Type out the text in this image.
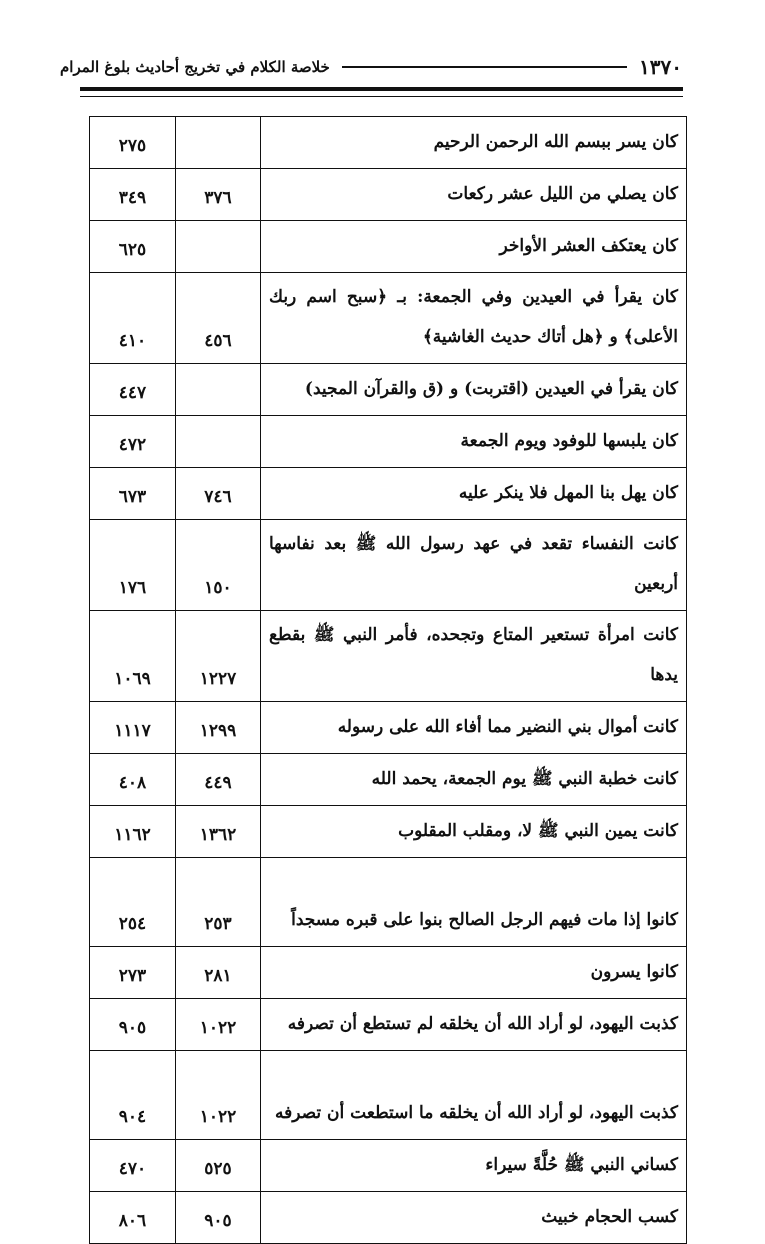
١٣٧٠
خلاصة الكلام في تخريج أحاديث بلوغ المرام
كان يسر ببسم الله الرحمن الرحيم		٢٧٥
كان يصلي من الليل عشر ركعات	٣٧٦	٣٤٩
كان يعتكف العشر الأواخر		٦٢٥
كان يقرأ في العيدين وفي الجمعة: بـ ﴿سبح اسم ربك الأعلى﴾ و ﴿هل أتاك حديث الغاشية﴾	٤٥٦	٤١٠
كان يقرأ في العيدين (اقتربت) و (ق والقرآن المجيد)		٤٤٧
كان يلبسها للوفود ويوم الجمعة		٤٧٢
كان يهل بنا المهل فلا ينكر عليه	٧٤٦	٦٧٣
كانت النفساء تقعد في عهد رسول الله ﷺ بعد نفاسها أربعين	١٥٠	١٧٦
كانت امرأة تستعير المتاع وتجحده، فأمر النبي ﷺ بقطع يدها	١٢٢٧	١٠٦٩
كانت أموال بني النضير مما أفاء الله على رسوله	١٢٩٩	١١١٧
كانت خطبة النبي ﷺ يوم الجمعة، يحمد الله	٤٤٩	٤٠٨
كانت يمين النبي ﷺ لا، ومقلب المقلوب	١٣٦٢	١١٦٢
كانوا إذا مات فيهم الرجل الصالح بنوا على قبره مسجداً	٢٥٣	٢٥٤
كانوا يسرون	٢٨١	٢٧٣
كذبت اليهود، لو أراد الله أن يخلقه لم تستطع أن تصرفه	١٠٢٢	٩٠٥
كذبت اليهود، لو أراد الله أن يخلقه ما استطعت أن تصرفه	١٠٢٢	٩٠٤
كساني النبي ﷺ حُلَّةً سيراء	٥٢٥	٤٧٠
كسب الحجام خبيث	٩٠٥	٨٠٦
